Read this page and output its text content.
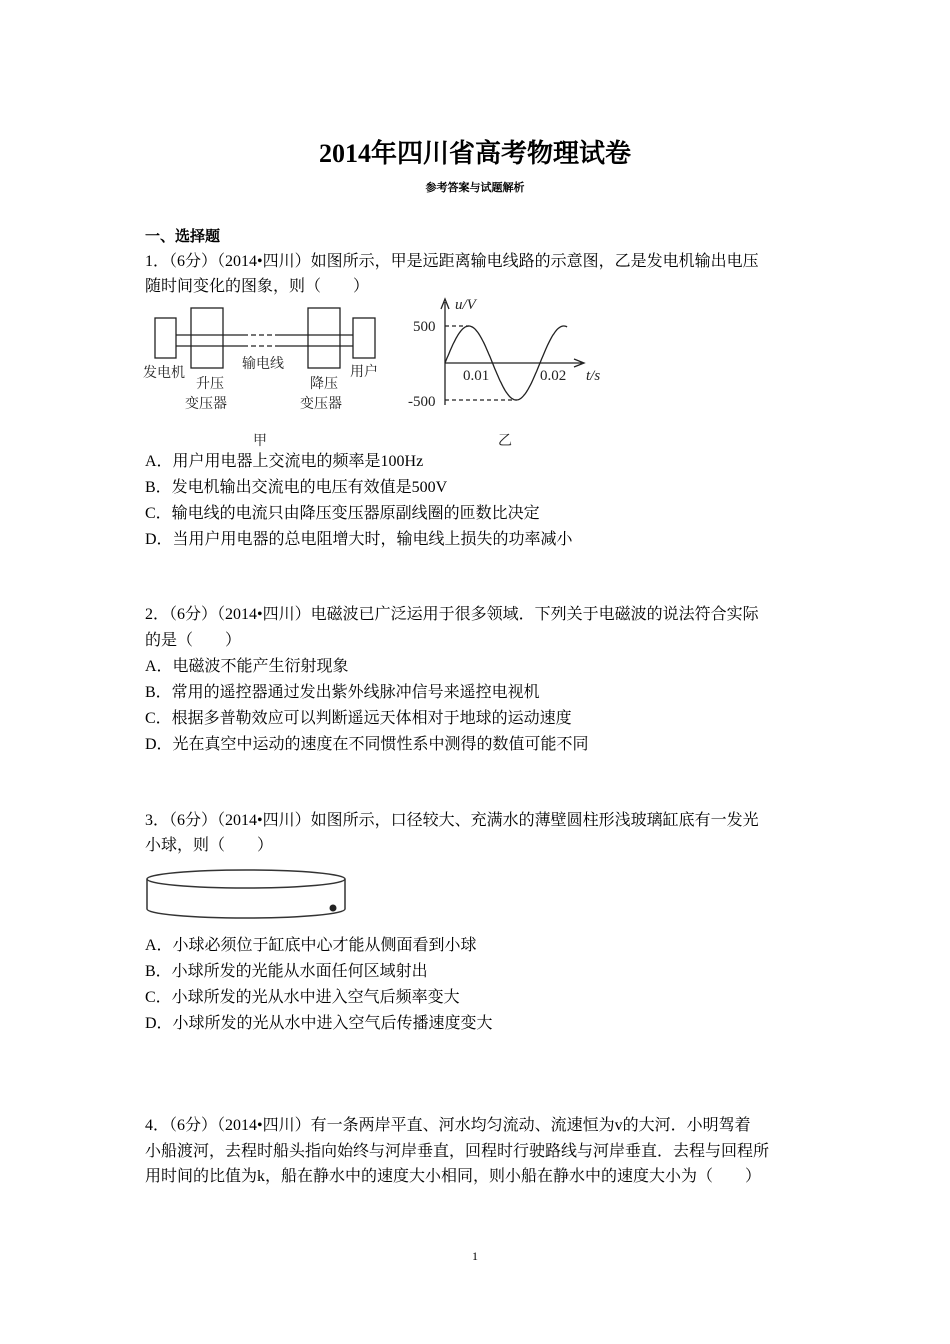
2014年四川省高考物理试卷
参考答案与试题解析
一、选择题
1．（6分）（2014•四川）如图所示，甲是远距离输电线路的示意图，乙是发电机输出电压
随时间变化的图象，则（　　）
发电机
升压
变压器
输电线
降压
变压器
用户
甲
u/V
500
-500
0.01	0.02 t/s
乙
A．用户用电器上交流电的频率是100Hz
B．发电机输出交流电的电压有效值是500V
C．输电线的电流只由降压变压器原副线圈的匝数比决定
D．当用户用电器的总电阻增大时，输电线上损失的功率减小
2．（6分）（2014•四川）电磁波已广泛运用于很多领域．下列关于电磁波的说法符合实际
的是（　　）
A．电磁波不能产生衍射现象
B．常用的遥控器通过发出紫外线脉冲信号来遥控电视机
C．根据多普勒效应可以判断遥远天体相对于地球的运动速度
D．光在真空中运动的速度在不同惯性系中测得的数值可能不同
3．（6分）（2014•四川）如图所示，口径较大、充满水的薄壁圆柱形浅玻璃缸底有一发光
小球，则（　　）
A．小球必须位于缸底中心才能从侧面看到小球
B．小球所发的光能从水面任何区域射出
C．小球所发的光从水中进入空气后频率变大
D．小球所发的光从水中进入空气后传播速度变大
4．（6分）（2014•四川）有一条两岸平直、河水均匀流动、流速恒为v的大河．小明驾着
小船渡河，去程时船头指向始终与河岸垂直，回程时行驶路线与河岸垂直．去程与回程所
用时间的比值为k，船在静水中的速度大小相同，则小船在静水中的速度大小为（　　）
1
